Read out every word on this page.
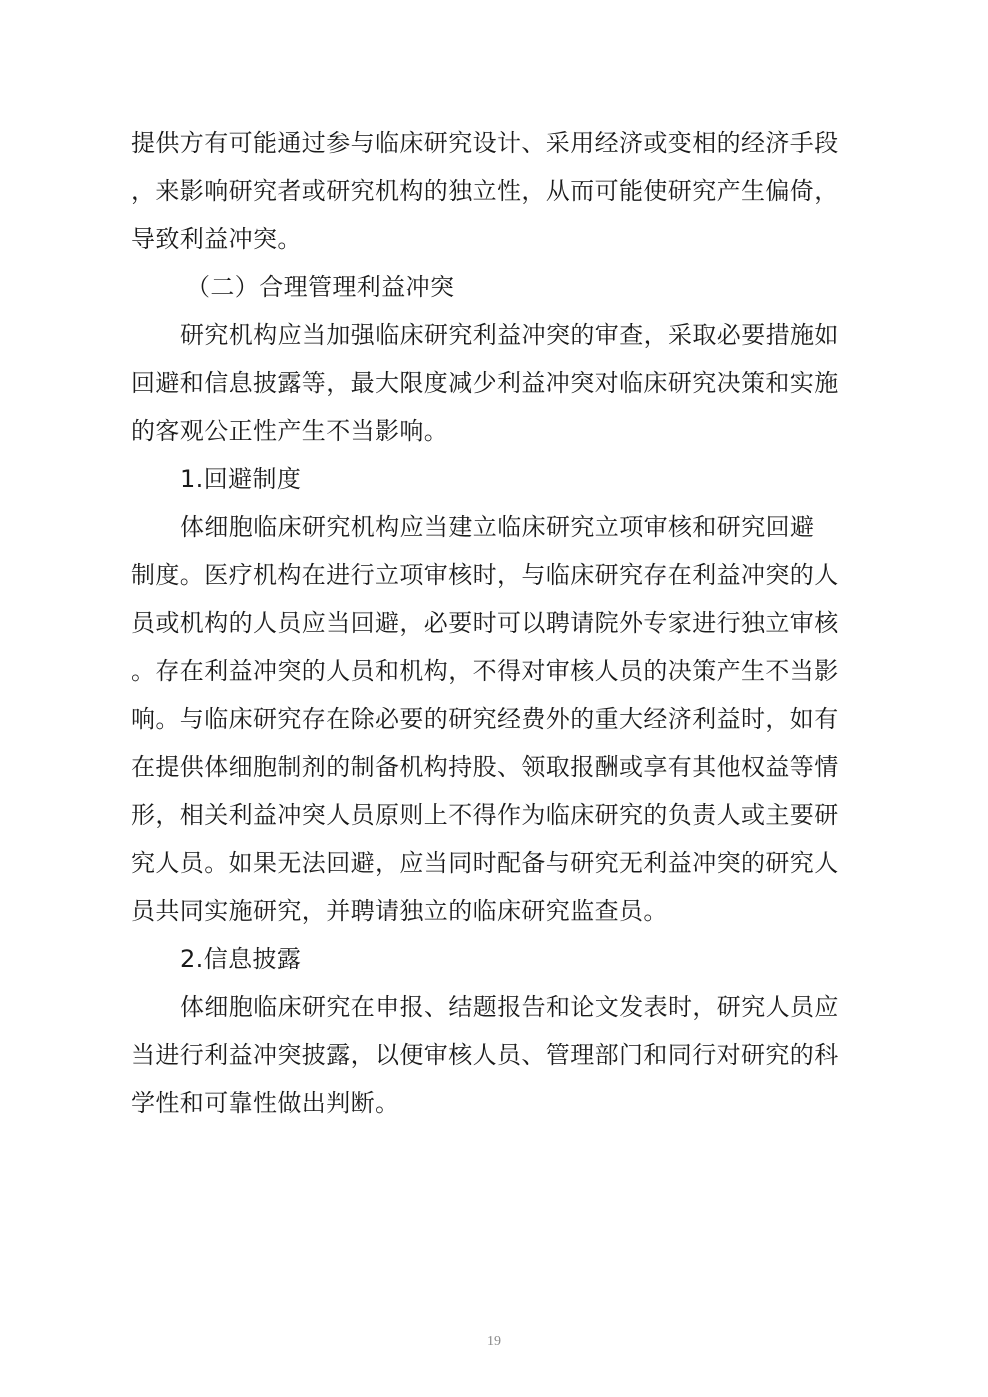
提供方有可能通过参与临床研究设计、采用经济或变相的经济手段
，来影响研究者或研究机构的独立性，从而可能使研究产生偏倚，
导致利益冲突。
（二）合理管理利益冲突
研究机构应当加强临床研究利益冲突的审查，采取必要措施如
回避和信息披露等，最大限度减少利益冲突对临床研究决策和实施
的客观公正性产生不当影响。
1.回避制度
体细胞临床研究机构应当建立临床研究立项审核和研究回避
制度。医疗机构在进行立项审核时，与临床研究存在利益冲突的人
员或机构的人员应当回避，必要时可以聘请院外专家进行独立审核
。存在利益冲突的人员和机构，不得对审核人员的决策产生不当影
响。与临床研究存在除必要的研究经费外的重大经济利益时，如有
在提供体细胞制剂的制备机构持股、领取报酬或享有其他权益等情
形，相关利益冲突人员原则上不得作为临床研究的负责人或主要研
究人员。如果无法回避，应当同时配备与研究无利益冲突的研究人
员共同实施研究，并聘请独立的临床研究监查员。
2.信息披露
体细胞临床研究在申报、结题报告和论文发表时，研究人员应
当进行利益冲突披露，以便审核人员、管理部门和同行对研究的科
学性和可靠性做出判断。
19
